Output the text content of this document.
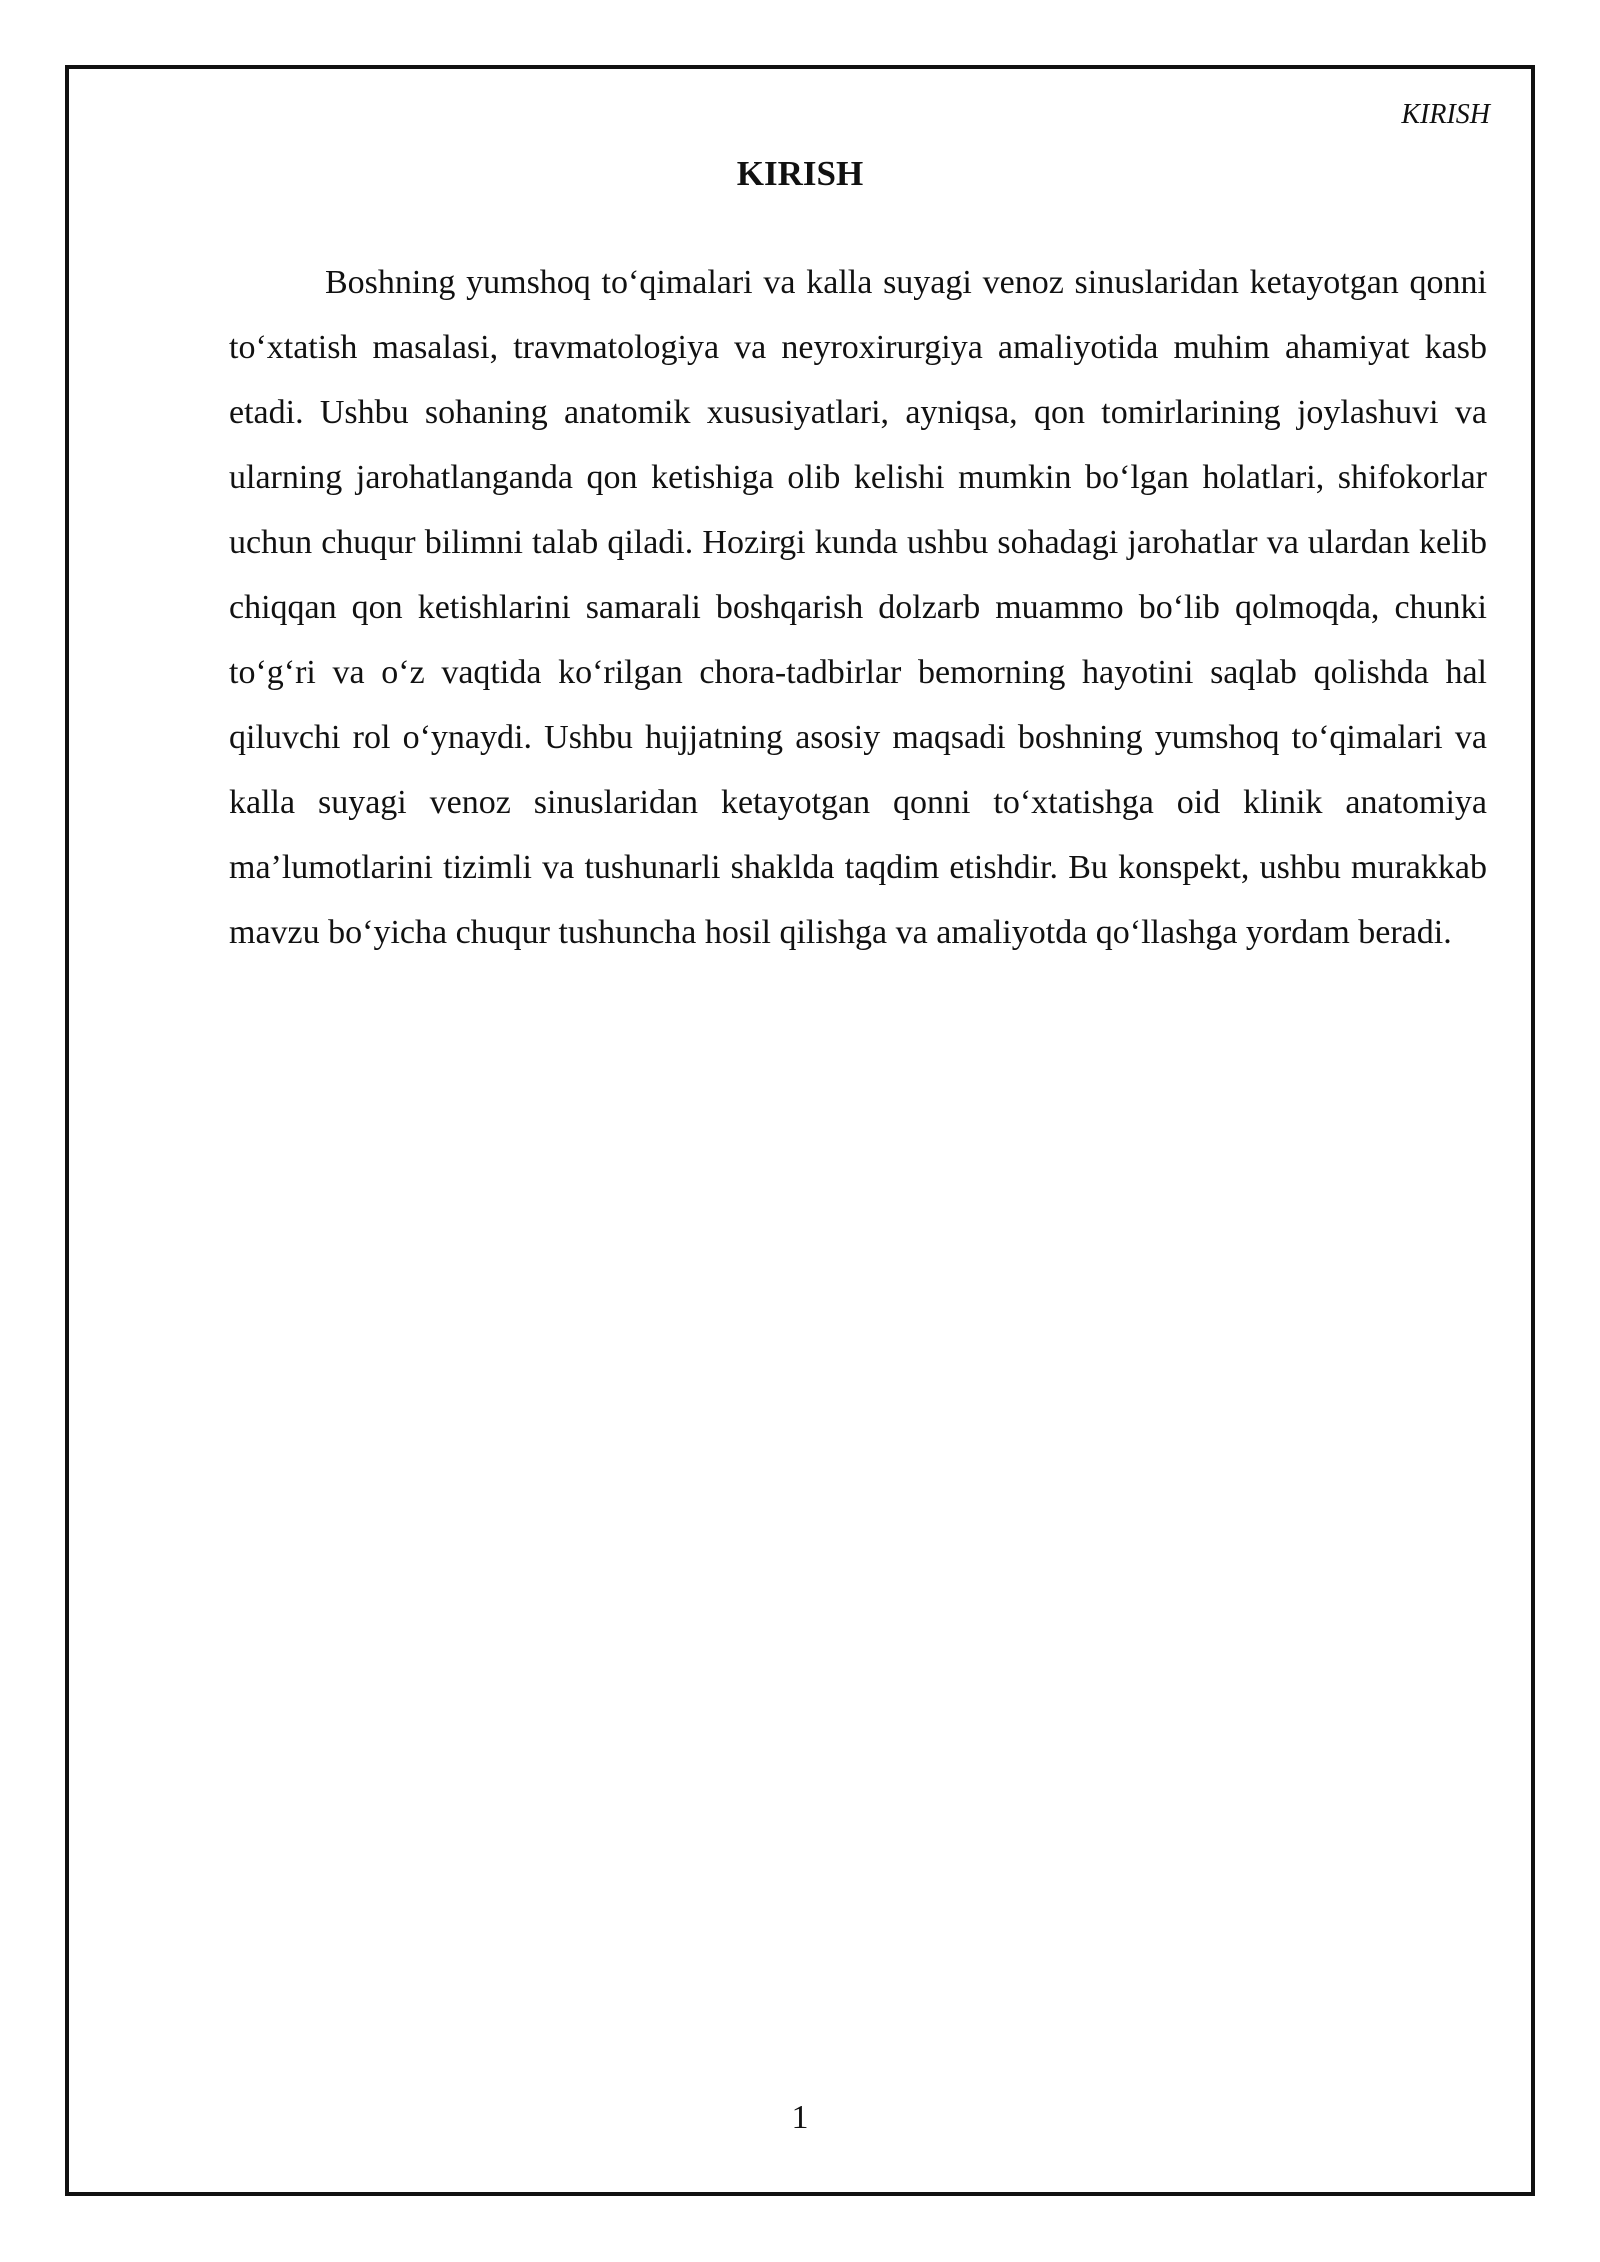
KIRISH

KIRISH

Boshning yumshoq to‘qimalari va kalla suyagi venoz sinuslaridan ketayotgan qonni to‘xtatish masalasi, travmatologiya va neyroxirurgiya amaliyotida muhim ahamiyat kasb etadi. Ushbu sohaning anatomik xususiyatlari, ayniqsa, qon tomirlarining joylashuvi va ularning jarohatlanganda qon ketishiga olib kelishi mumkin bo‘lgan holatlari, shifokorlar uchun chuqur bilimni talab qiladi. Hozirgi kunda ushbu sohadagi jarohatlar va ulardan kelib chiqqan qon ketishlarini samarali boshqarish dolzarb muammo bo‘lib qolmoqda, chunki to‘g‘ri va o‘z vaqtida ko‘rilgan chora-tadbirlar bemorning hayotini saqlab qolishda hal qiluvchi rol o‘ynaydi. Ushbu hujjatning asosiy maqsadi boshning yumshoq to‘qimalari va kalla suyagi venoz sinuslaridan ketayotgan qonni to‘xtatishga oid klinik anatomiya ma’lumotlarini tizimli va tushunarli shaklda taqdim etishdir. Bu konspekt, ushbu murakkab mavzu bo‘yicha chuqur tushuncha hosil qilishga va amaliyotda qo‘llashga yordam beradi.

1
